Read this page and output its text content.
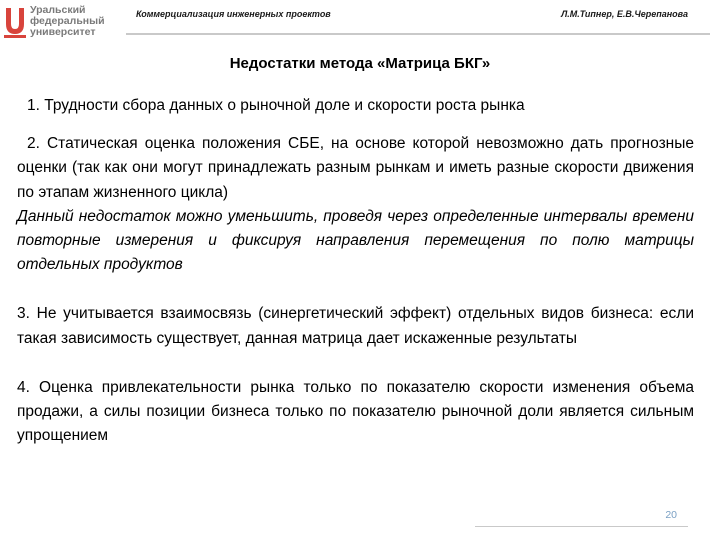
Уральский
федеральный
университет
Коммерциализация инженерных проектов	Л.М.Типнер, Е.В.Черепанова
Недостатки метода «Матрица БКГ»

1. Трудности сбора данных о рыночной доле и скорости роста рынка

2. Статическая оценка положения СБЕ, на основе которой невозможно дать прогнозные оценки (так как они могут принадлежать разным рынкам и иметь разные скорости движения по этапам жизненного цикла)

Данный недостаток можно уменьшить, проведя через определенные интервалы времени повторные измерения и фиксируя направления перемещения по полю матрицы отдельных продуктов

3. Не учитывается взаимосвязь (синергетический эффект) отдельных видов бизнеса: если такая зависимость существует, данная матрица дает искаженные результаты

4. Оценка привлекательности рынка только по показателю скорости изменения объема продажи, а силы позиции бизнеса только по показателю рыночной доли является сильным упрощением

20
